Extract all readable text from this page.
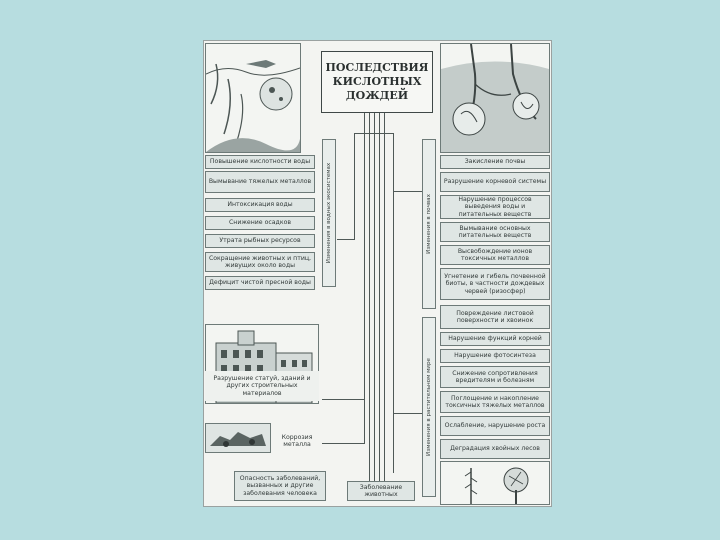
ПОСЛЕДСТВИЯ КИСЛОТНЫХ ДОЖДЕЙ
Повышение кислотности воды
Вымывание тяжелых металлов
Интоксикация воды
Снижение осадков
Утрата рыбных ресурсов
Сокращение животных и птиц, живущих около воды
Дефицит чистой пресной воды
Изменения в водных экосистемах
Разрушение статуй, зданий и других строительных материалов
Коррозия металла
Опасность заболеваний, вызванных и другие заболевания человека
Заболевание животных
Изменения в почвах
Закисление почвы
Разрушение корневой системы
Нарушение процессов выведения воды и питательных веществ
Вымывание основных питательных веществ
Высвобождение ионов токсичных металлов
Угнетение и гибель почвенной биоты, в частности дождевых червей (ризосфер)
Изменения в растительном мире
Повреждение листовой поверхности и хвоинок
Нарушение функций корней
Нарушение фотосинтеза
Снижение сопротивления вредителям и болезням
Поглощение и накопление токсичных тяжелых металлов
Ослабление, нарушение роста
Деградация хвойных лесов
